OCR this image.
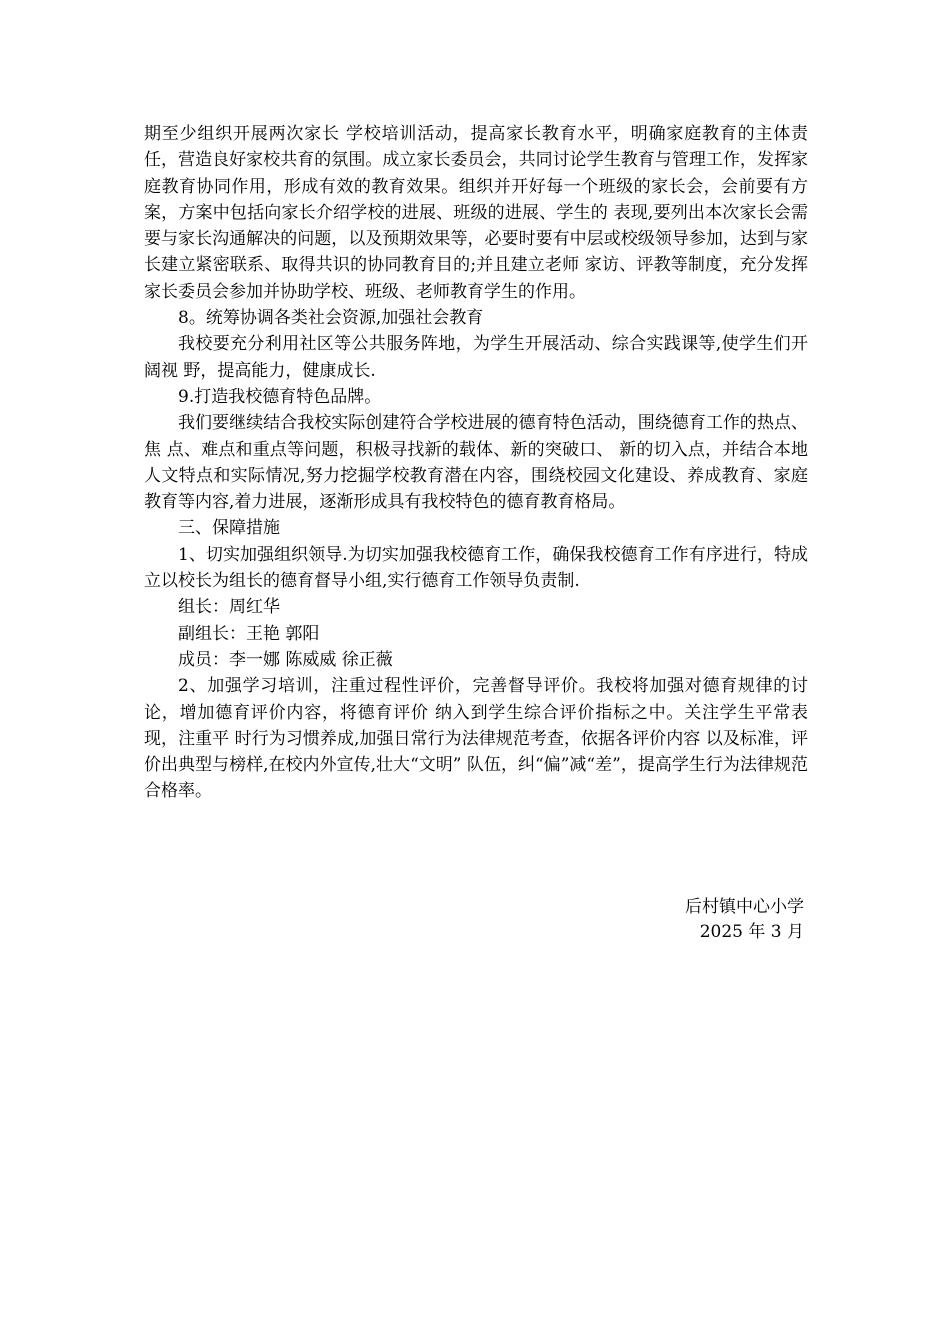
期至少组织开展两次家长 学校培训活动，提高家长教育水平，明确家庭教育的主体责任，营造良好家校共育的氛围。成立家长委员会，共同讨论学生教育与管理工作，发挥家庭教育协同作用，形成有效的教育效果。组织并开好每一个班级的家长会，会前要有方案，方案中包括向家长介绍学校的进展、班级的进展、学生的 表现,要列出本次家长会需要与家长沟通解决的问题，以及预期效果等，必要时要有中层或校级领导参加，达到与家 长建立紧密联系、取得共识的协同教育目的;并且建立老师 家访、评教等制度，充分发挥家长委员会参加并协助学校、班级、老师教育学生的作用。

8。统筹协调各类社会资源,加强社会教育

我校要充分利用社区等公共服务阵地，为学生开展活动、综合实践课等,使学生们开阔视 野，提高能力，健康成长.

9.打造我校德育特色品牌。

我们要继续结合我校实际创建符合学校进展的德育特色活动，围绕德育工作的热点、焦 点、难点和重点等问题，积极寻找新的载体、新的突破口、 新的切入点，并结合本地人文特点和实际情况,努力挖掘学校教育潜在内容，围绕校园文化建设、养成教育、家庭教育等内容,着力进展，逐渐形成具有我校特色的德育教育格局。

三、保障措施

1、切实加强组织领导.为切实加强我校德育工作，确保我校德育工作有序进行，特成立以校长为组长的德育督导小组,实行德育工作领导负责制.

组长：周红华

副组长：王艳 郭阳

成员：李一娜 陈威威 徐正薇

2、加强学习培训，注重过程性评价，完善督导评价。我校将加强对德育规律的讨论，增加德育评价内容，将德育评价 纳入到学生综合评价指标之中。关注学生平常表现，注重平 时行为习惯养成,加强日常行为法律规范考查，依据各评价内容 以及标准，评价出典型与榜样,在校内外宣传,壮大“文明” 队伍，纠“偏”减“差”，提高学生行为法律规范合格率。

后村镇中心小学
2025 年 3 月
